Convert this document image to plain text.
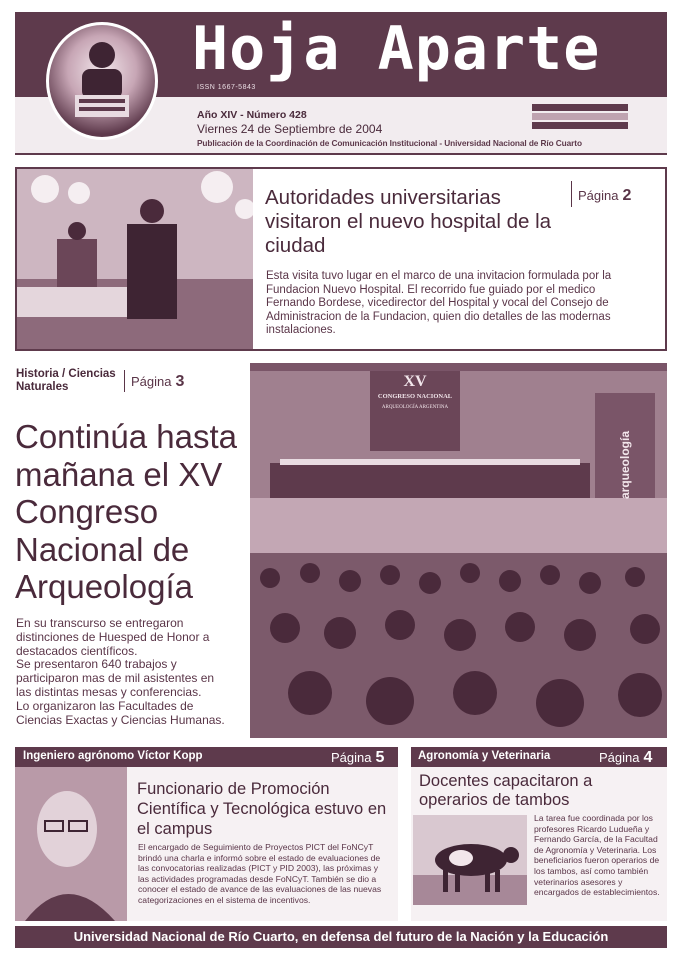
Hoja Aparte
ISSN 1667-5843
Año XIV - Número 428
Viernes 24 de Septiembre de 2004
Publicación de la Coordinación de Comunicación Institucional - Universidad Nacional de Río Cuarto
Autoridades universitarias visitaron el nuevo hospital de la ciudad
Página 2
Esta visita tuvo lugar en el marco de una invitacion formulada por la Fundacion Nuevo Hospital. El recorrido fue guiado por el medico Fernando Bordese, vicedirector del Hospital y vocal del Consejo de Administracion de la Fundacion, quien dio detalles de las modernas instalaciones.
Historia / Ciencias
Naturales	Página 3
Continúa hasta mañana el XV Congreso Nacional de Arqueología
En su transcurso se entregaron
distinciones de Huesped de Honor a
destacados científicos.
Se presentaron 640 trabajos y
participaron mas de mil asistentes en
las distintas mesas y conferencias.
Lo organizaron las Facultades de
Ciencias Exactas y Ciencias Humanas.
XV
CONGRESO NACIONAL
ARQUEOLOGÍA ARGENTINA
arqueología
Ingeniero agrónomo Víctor Kopp	Página 5
Funcionario de Promoción Científica y Tecnológica estuvo en el campus
El encargado de Seguimiento de Proyectos PICT del FoNCyT brindó una charla e informó sobre el estado de evaluaciones de las convocatorias realizadas (PICT y PID 2003), las próximas y las actividades programadas desde FoNCyT. También se dio a conocer el estado de avance de las evaluaciones de las nuevas categorizaciones en el sistema de incentivos.
Agronomía y Veterinaria	Página 4
Docentes capacitaron a operarios de tambos
La tarea fue coordinada por los profesores Ricardo Ludueña y Fernando García, de la Facultad de Agronomía y Veterinaria. Los beneficiarios fueron operarios de los tambos, así como también veterinarios asesores y encargados de establecimientos.
Universidad Nacional de Río Cuarto, en defensa del futuro de la Nación y la Educación
